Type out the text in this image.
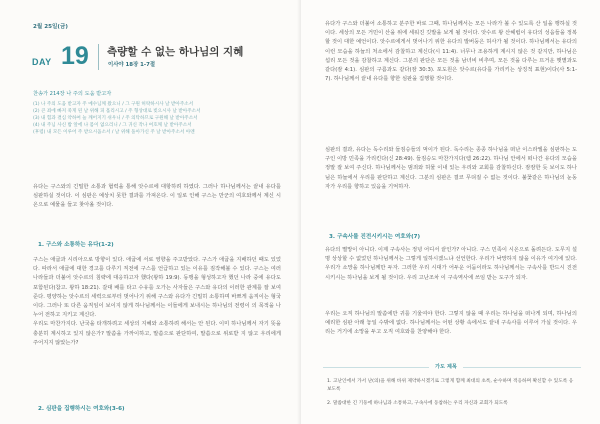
2월 25일(금)
DAY 19 측량할 수 없는 하나님의 지혜
이사야 18장 1-7절
찬송가 214장 나 주의 도움 받고자
(1) 나 주의 도움 받고자 주 예수님께 왔으니 / 그 구원 허락하시사 날 받아주소서
(2) 큰 죄에 빠져 죽게 된 날 위해 피 흘리시고 / 주 형상대로 빚으시사 날 받아주소서
(3) 내 힘과 결심 약하여 늘 깨어지기 쉬우니 / 주 의탁하므로 구원해 날 받아주소서
(4) 내 주님 사신 밥 앞에 나 몸이 없으리니 / 그 귀신 작나 여호께 날 받아주소서
(후렴) 내 모든 이루어 주 받으시옵소서 / 날 위해 돌아가신 주 날 받아주소서 아멘
유다는 구스와의 긴밀한 소통과 협력을 통해 앗수르에 대항하려 하였다. 그러나 하나님께서는 끝내 유다를 심판하실 것이다. 이 심판은 예상치 못한 결과를 가져온다. 이 일로 인해 구스는 만군의 여호와께서 계신 시온으로 예물을 들고 찾아올 것이다.
1. 구스와 소통하는 유다(1-2)
구스는 애굽과 시리아으로 방향이 있다. 애굽에 서로 영향을 주고받았다. 구스가 애굽을 지배하던 때도 있었다. 따라서 애굽에 대한 경고를 다루기 직전에 구스를 언급하고 있는 이유를 짐작해볼 수 있다. 구스는 여러 나라들과 더불어 앗수르의 침략에 대응하고자 했다(왕하 19:9). 동맹을 형성하고자 했던 나라 중에 유다도 포함된다(참고. 왕하 18:21). 갈대 배를 타고 수유를 오가는 사자들은 구스와 유다의 이러한 관계를 잘 보여준다. 평양하는 앗수르의 세력으로부터 벗어나기 위해 구스와 유다가 긴밀히 소통하며 바쁘게 움직이는 형국이다. 그러나 또 다른 움직임이 보이지 않게 하나님께서는 이들에게 보내시는 하나님의 전령이 의 목적을 나누어 전하고 지키고 계신다.
우리도 마찬가지다. 난국을 타개하려고 세상의 지혜와 소통하려 해서는 안 된다. 이미 하나님께서 자기 뜻을 충분히 계시하고 있지 않은가? 말씀을 가까이하고, 말씀으로 판단하여, 말씀으로 위로받 지 않고 우리에게 주어지지 않았는가?
2. 심판을 집행하시는 여호와(3-6)
유다가 구스와 더불어 소통하고 분주한 바로 그때, 하나님께서는 모든 나라가 볼 수 있도록 산 일을 행하실 것이다. 세상의 모든 거민이 산을 위에 세워진 깃발을 보게 될 것이다. 앗수르 왕 산헤립이 유다의 성읍들을 정복할 것이 대한 예언이다. 앗수르에게서 벗어나기 위한 유다의 발버둥은 허사가 될 것이다. 하나님께서는 유다의 이런 모습을 하늘의 처소에서 감찰하고 계신다(시 11:4). 너무나 조용하게 계시지 않은 것 같지만, 하나님은 섭리 모든 것을 감찰하고 계신다. 그분의 판단은 모든 것을 남녀비 비추며, 모든 것을 다루는 뜨거운 햇볕과도 같다(잠 4:1). 심판의 구름과도 같다(잠 30:3). 포도원은 앗수르(유다를 가리키는 상징적 표현)이다(사 5:1-7). 하나님께서 끝내 유다를 향한 심판을 집행할 것이다.
심판의 결과, 유다는 독수리와 들짐승들의 먹이가 된다. 독수리는 종종 하나님을 떠난 이스라엘을 심판하는 도구인 이방 민족을 가리킨다(신 28:49). 들짐승도 마찬가지다(렘 26:22). 하나님 안에서 떠나간 유다의 모습을 정말 잘 보여 주신다. 하나님께서는 범죄와 허물 이내 있는 우리와 교회를 감찰하신다. 잠잠한 듯 보이도 하나님은 하늘에서 우리를 판단하고 계신다. 그분의 심판은 결코 무뎌질 수 없는 것이다. 불꽃같은 하나님의 눈동자가 우리를 향하고 있음을 기억하자.
3. 구속사를 진전시키시는 여호와(7)
유다의 멸망이 아니다. 이제 구속사는 정녕 어디서 끝인가? 아니다. 구스 민족이 시온으로 돌려든다. 도무지 설명 상상할 수 없었던 하나님께서는 그렇게 일하시겠느냐 선언한다. 우리가 낙망하지 않을 이유가 여기에 있다. 우리가 소망을 하나님께만 두자. 그러한 우리 시대가 어두운 어둠이라도 하나님께서는 구속사를 반드시 진전시키시는 하나님을 보게 될 것이다. 우리 고난조차 이 구속역사에 쓰임 받는 도구가 되자.
우리는 오직 하나님의 말씀에만 귀를 기울여야 한다. 그렇지 않을 때 우리는 하나님을 떠나게 되며, 하나님의 예리한 심판 아래 놓일 수밖에 없다. 하나님께서는 어떤 상황 속에서도 끝내 구속사를 이루어 가실 것이다. 우리는 거기에 소망을 두고 오직 여호와를 찬양해야 한다.
가도 제목
1. 고난인에서 가서 난(의)을 위해 바위 제약하시겠기로 그렇게 함께 최대의 초록, 순수하며 적응하며 확신할 수 있도록 응보도록
2. 말씀대한 긴 기둥에 하나님과 소통하고, 구속사에 동참하는 우리 자신과 교회가 되도록
